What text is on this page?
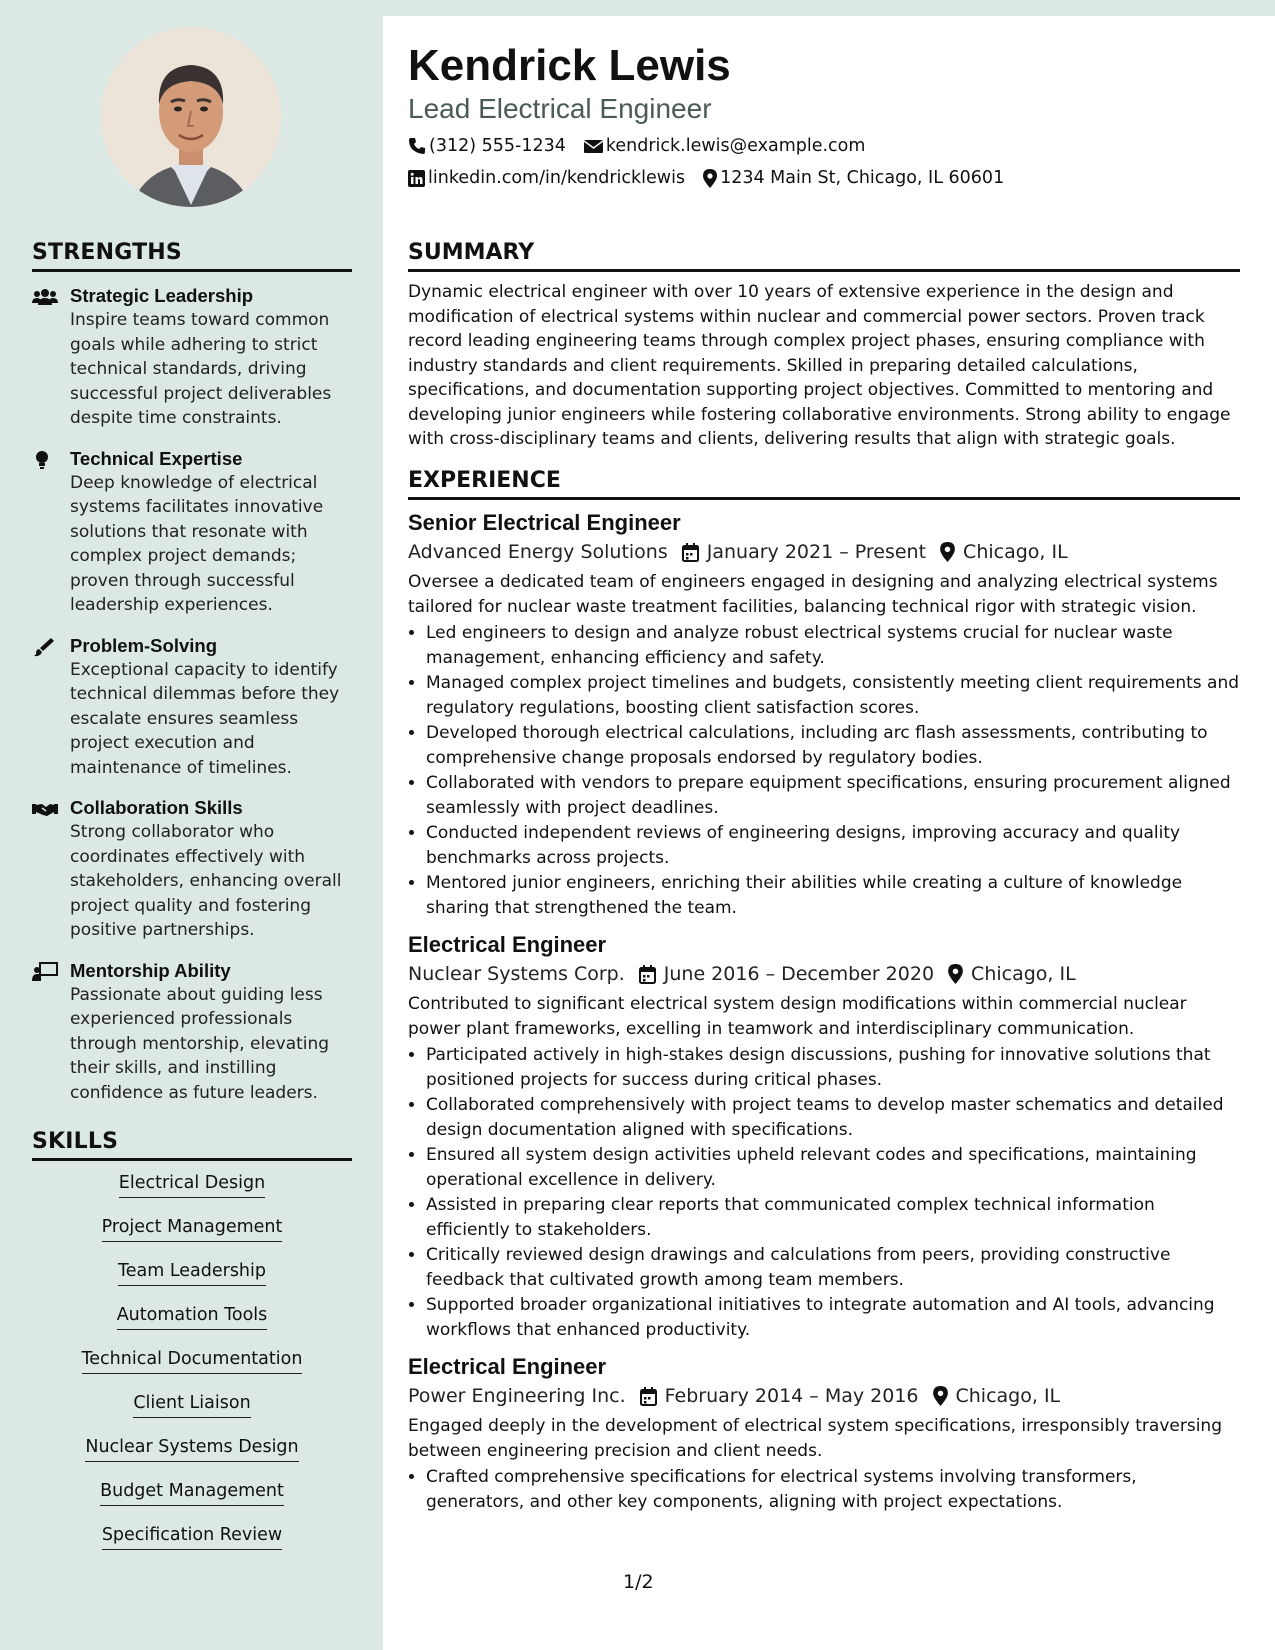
STRENGTHS
Strategic Leadership
Inspire teams toward common goals while adhering to strict technical standards, driving successful project deliverables despite time constraints.
Technical Expertise
Deep knowledge of electrical systems facilitates innovative solutions that resonate with complex project demands; proven through successful leadership experiences.
Problem-Solving
Exceptional capacity to identify technical dilemmas before they escalate ensures seamless project execution and maintenance of timelines.
Collaboration Skills
Strong collaborator who coordinates effectively with stakeholders, enhancing overall project quality and fostering positive partnerships.
Mentorship Ability
Passionate about guiding less experienced professionals through mentorship, elevating their skills, and instilling confidence as future leaders.
SKILLS
Electrical Design
Project Management
Team Leadership
Automation Tools
Technical Documentation
Client Liaison
Nuclear Systems Design
Budget Management
Specification Review
Kendrick Lewis
Lead Electrical Engineer
(312) 555-1234 kendrick.lewis@example.com
linkedin.com/in/kendricklewis 1234 Main St, Chicago, IL 60601
SUMMARY
Dynamic electrical engineer with over 10 years of extensive experience in the design and modification of electrical systems within nuclear and commercial power sectors. Proven track record leading engineering teams through complex project phases, ensuring compliance with industry standards and client requirements. Skilled in preparing detailed calculations, specifications, and documentation supporting project objectives. Committed to mentoring and developing junior engineers while fostering collaborative environments. Strong ability to engage with cross-disciplinary teams and clients, delivering results that align with strategic goals.
EXPERIENCE
Senior Electrical Engineer
Advanced Energy Solutions January 2021 – Present Chicago, IL
Oversee a dedicated team of engineers engaged in designing and analyzing electrical systems tailored for nuclear waste treatment facilities, balancing technical rigor with strategic vision.
• Led engineers to design and analyze robust electrical systems crucial for nuclear waste management, enhancing efficiency and safety.
• Managed complex project timelines and budgets, consistently meeting client requirements and regulatory regulations, boosting client satisfaction scores.
• Developed thorough electrical calculations, including arc flash assessments, contributing to comprehensive change proposals endorsed by regulatory bodies.
• Collaborated with vendors to prepare equipment specifications, ensuring procurement aligned seamlessly with project deadlines.
• Conducted independent reviews of engineering designs, improving accuracy and quality benchmarks across projects.
• Mentored junior engineers, enriching their abilities while creating a culture of knowledge sharing that strengthened the team.
Electrical Engineer
Nuclear Systems Corp. June 2016 – December 2020 Chicago, IL
Contributed to significant electrical system design modifications within commercial nuclear power plant frameworks, excelling in teamwork and interdisciplinary communication.
• Participated actively in high-stakes design discussions, pushing for innovative solutions that positioned projects for success during critical phases.
• Collaborated comprehensively with project teams to develop master schematics and detailed design documentation aligned with specifications.
• Ensured all system design activities upheld relevant codes and specifications, maintaining operational excellence in delivery.
• Assisted in preparing clear reports that communicated complex technical information efficiently to stakeholders.
• Critically reviewed design drawings and calculations from peers, providing constructive feedback that cultivated growth among team members.
• Supported broader organizational initiatives to integrate automation and AI tools, advancing workflows that enhanced productivity.
Electrical Engineer
Power Engineering Inc. February 2014 – May 2016 Chicago, IL
Engaged deeply in the development of electrical system specifications, irresponsibly traversing between engineering precision and client needs.
• Crafted comprehensive specifications for electrical systems involving transformers, generators, and other key components, aligning with project expectations.
1/2
